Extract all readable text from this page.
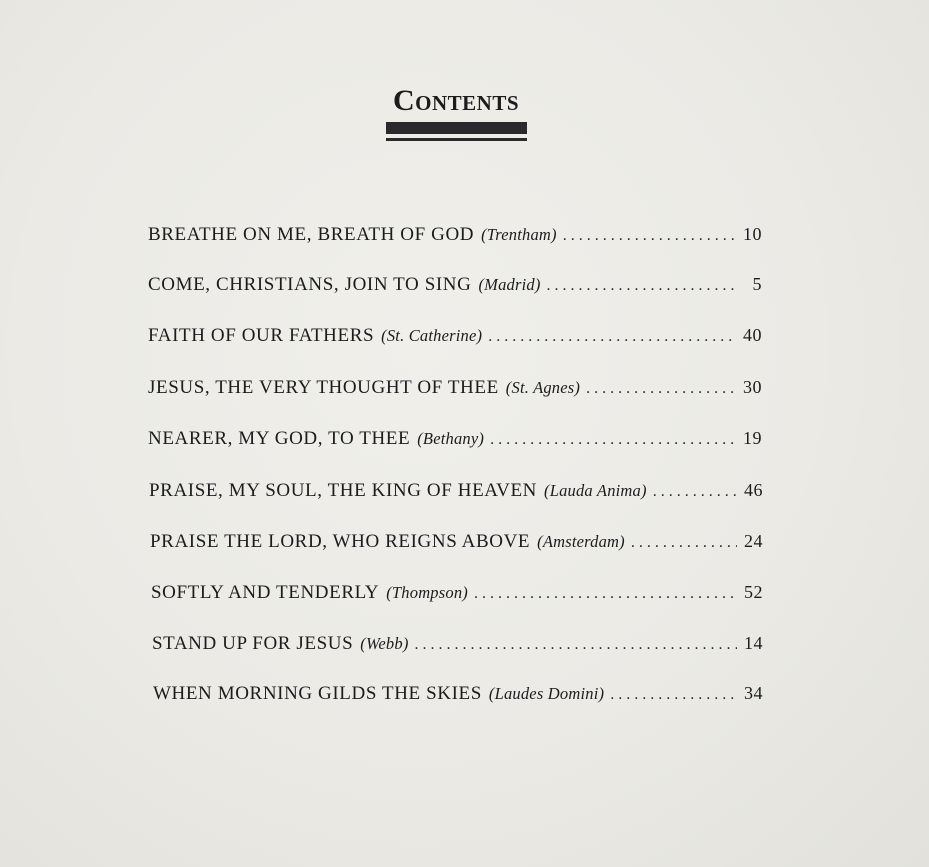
Contents
BREATHE ON ME, BREATH OF GOD (Trentham) . . .	10
COME, CHRISTIANS, JOIN TO SING (Madrid) . . .	5
FAITH OF OUR FATHERS (St. Catherine) . . .	40
JESUS, THE VERY THOUGHT OF THEE (St. Agnes) . . .	30
NEARER, MY GOD, TO THEE (Bethany) . . .	19
PRAISE, MY SOUL, THE KING OF HEAVEN (Lauda Anima) . . .	46
PRAISE THE LORD, WHO REIGNS ABOVE (Amsterdam) . . .	24
SOFTLY AND TENDERLY (Thompson) . . .	52
STAND UP FOR JESUS (Webb) . . .	14
WHEN MORNING GILDS THE SKIES (Laudes Domini) . . .	34
